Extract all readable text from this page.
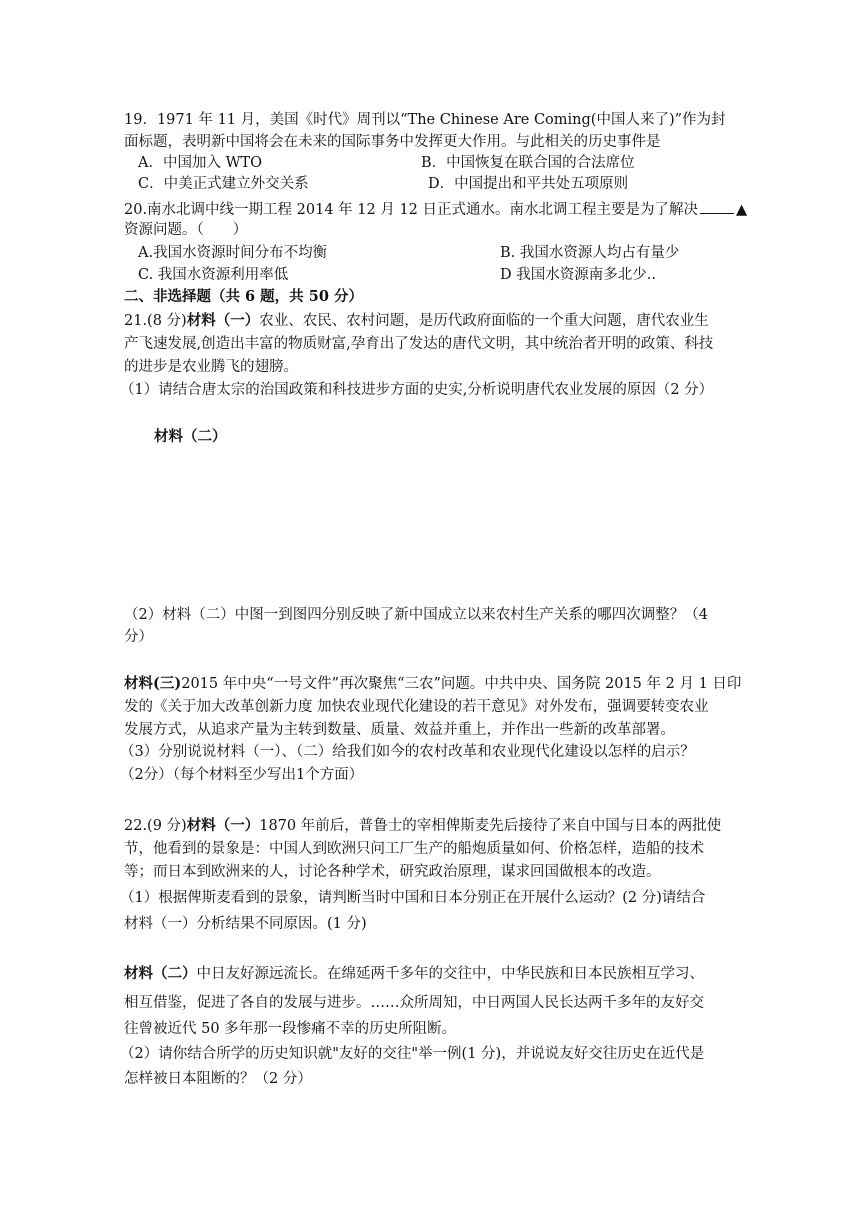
19．1971 年 11 月，美国《时代》周刊以“The Chinese Are Coming(中国人来了)”作为封
面标题，表明新中国将会在未来的国际事务中发挥更大作用。与此相关的历史事件是
A．中国加入 WTO	B．中国恢复在联合国的合法席位
C．中美正式建立外交关系	D．中国提出和平共处五项原则
20.南水北调中线一期工程 2014 年 12 月 12 日正式通水。南水北调工程主要是为了解决	▲
资源问题。（　　）
A.我国水资源时间分布不均衡	B. 我国水资源人均占有量少
C. 我国水资源利用率低	D 我国水资源南多北少..
二、非选择题（共 6 题，共 50 分）
21.(8 分)材料（一）农业、农民、农村问题，是历代政府面临的一个重大问题，唐代农业生
产飞速发展,创造出丰富的物质财富,孕育出了发达的唐代文明，其中统治者开明的政策、科技
的进步是农业腾飞的翅膀。
（1）请结合唐太宗的治国政策和科技进步方面的史实,分析说明唐代农业发展的原因（2 分）
材料（二）
（2）材料（二）中图一到图四分别反映了新中国成立以来农村生产关系的哪四次调整？（4
分）
材料(三)2015 年中央“一号文件”再次聚焦“三农”问题。中共中央、国务院 2015 年 2 月 1 日印
发的《关于加大改革创新力度 加快农业现代化建设的若干意见》对外发布，强调要转变农业
发展方式，从追求产量为主转到数量、质量、效益并重上，并作出一些新的改革部署。
（3）分别说说材料（一）、（二）给我们如今的农村改革和农业现代化建设以怎样的启示？
（2分）（每个材料至少写出1个方面）
22.(9 分)材料（一）1870 年前后，普鲁士的宰相俾斯麦先后接待了来自中国与日本的两批使
节，他看到的景象是：中国人到欧洲只问工厂生产的船炮质量如何、价格怎样，造船的技术
等；而日本到欧洲来的人，讨论各种学术，研究政治原理，谋求回国做根本的改造。
（1）根据俾斯麦看到的景象，请判断当时中国和日本分别正在开展什么运动？(2 分)请结合
材料（一）分析结果不同原因。(1 分)
材料（二）中日友好源远流长。在绵延两千多年的交往中，中华民族和日本民族相互学习、
相互借鉴，促进了各自的发展与进步。……众所周知，中日两国人民长达两千多年的友好交
往曾被近代 50 多年那一段惨痛不幸的历史所阻断。
（2）请你结合所学的历史知识就"友好的交往"举一例(1 分)，并说说友好交往历史在近代是
怎样被日本阻断的？（2 分）
